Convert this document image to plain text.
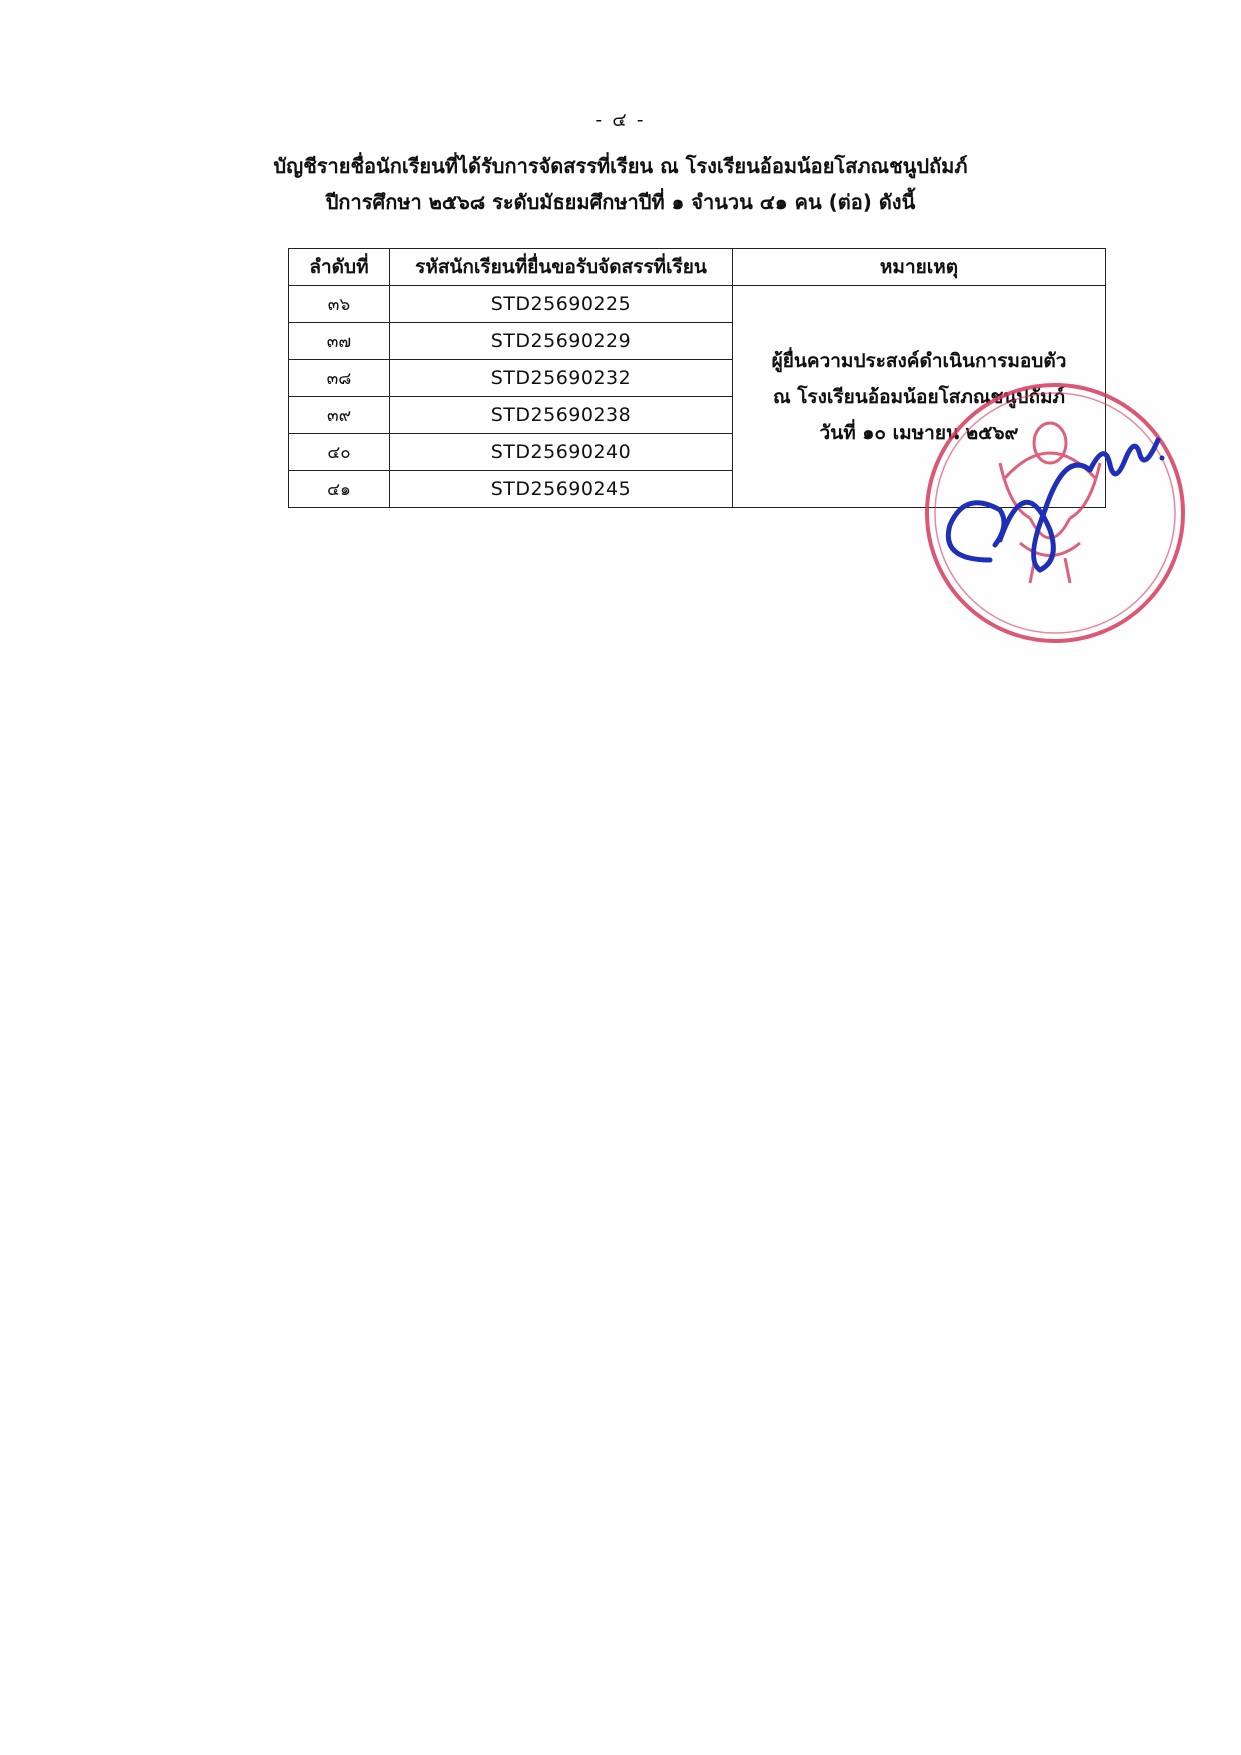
- ๔ -
บัญชีรายชื่อนักเรียนที่ได้รับการจัดสรรที่เรียน ณ โรงเรียนอ้อมน้อยโสภณชนูปถัมภ์
ปีการศึกษา ๒๕๖๘ ระดับมัธยมศึกษาปีที่ ๑ จำนวน ๔๑ คน (ต่อ) ดังนี้
ลำดับที่	รหัสนักเรียนที่ยื่นขอรับจัดสรรที่เรียน	หมายเหตุ
๓๖	STD25690225	ผู้ยื่นความประสงค์ดำเนินการมอบตัว
ณ โรงเรียนอ้อมน้อยโสภณชนูปถัมภ์
วันที่ ๑๐ เมษายน ๒๕๖๙

๓๗	STD25690229	
๓๘	STD25690232	
๓๙	STD25690238	
๔๐	STD25690240	
๔๑	STD25690245	
